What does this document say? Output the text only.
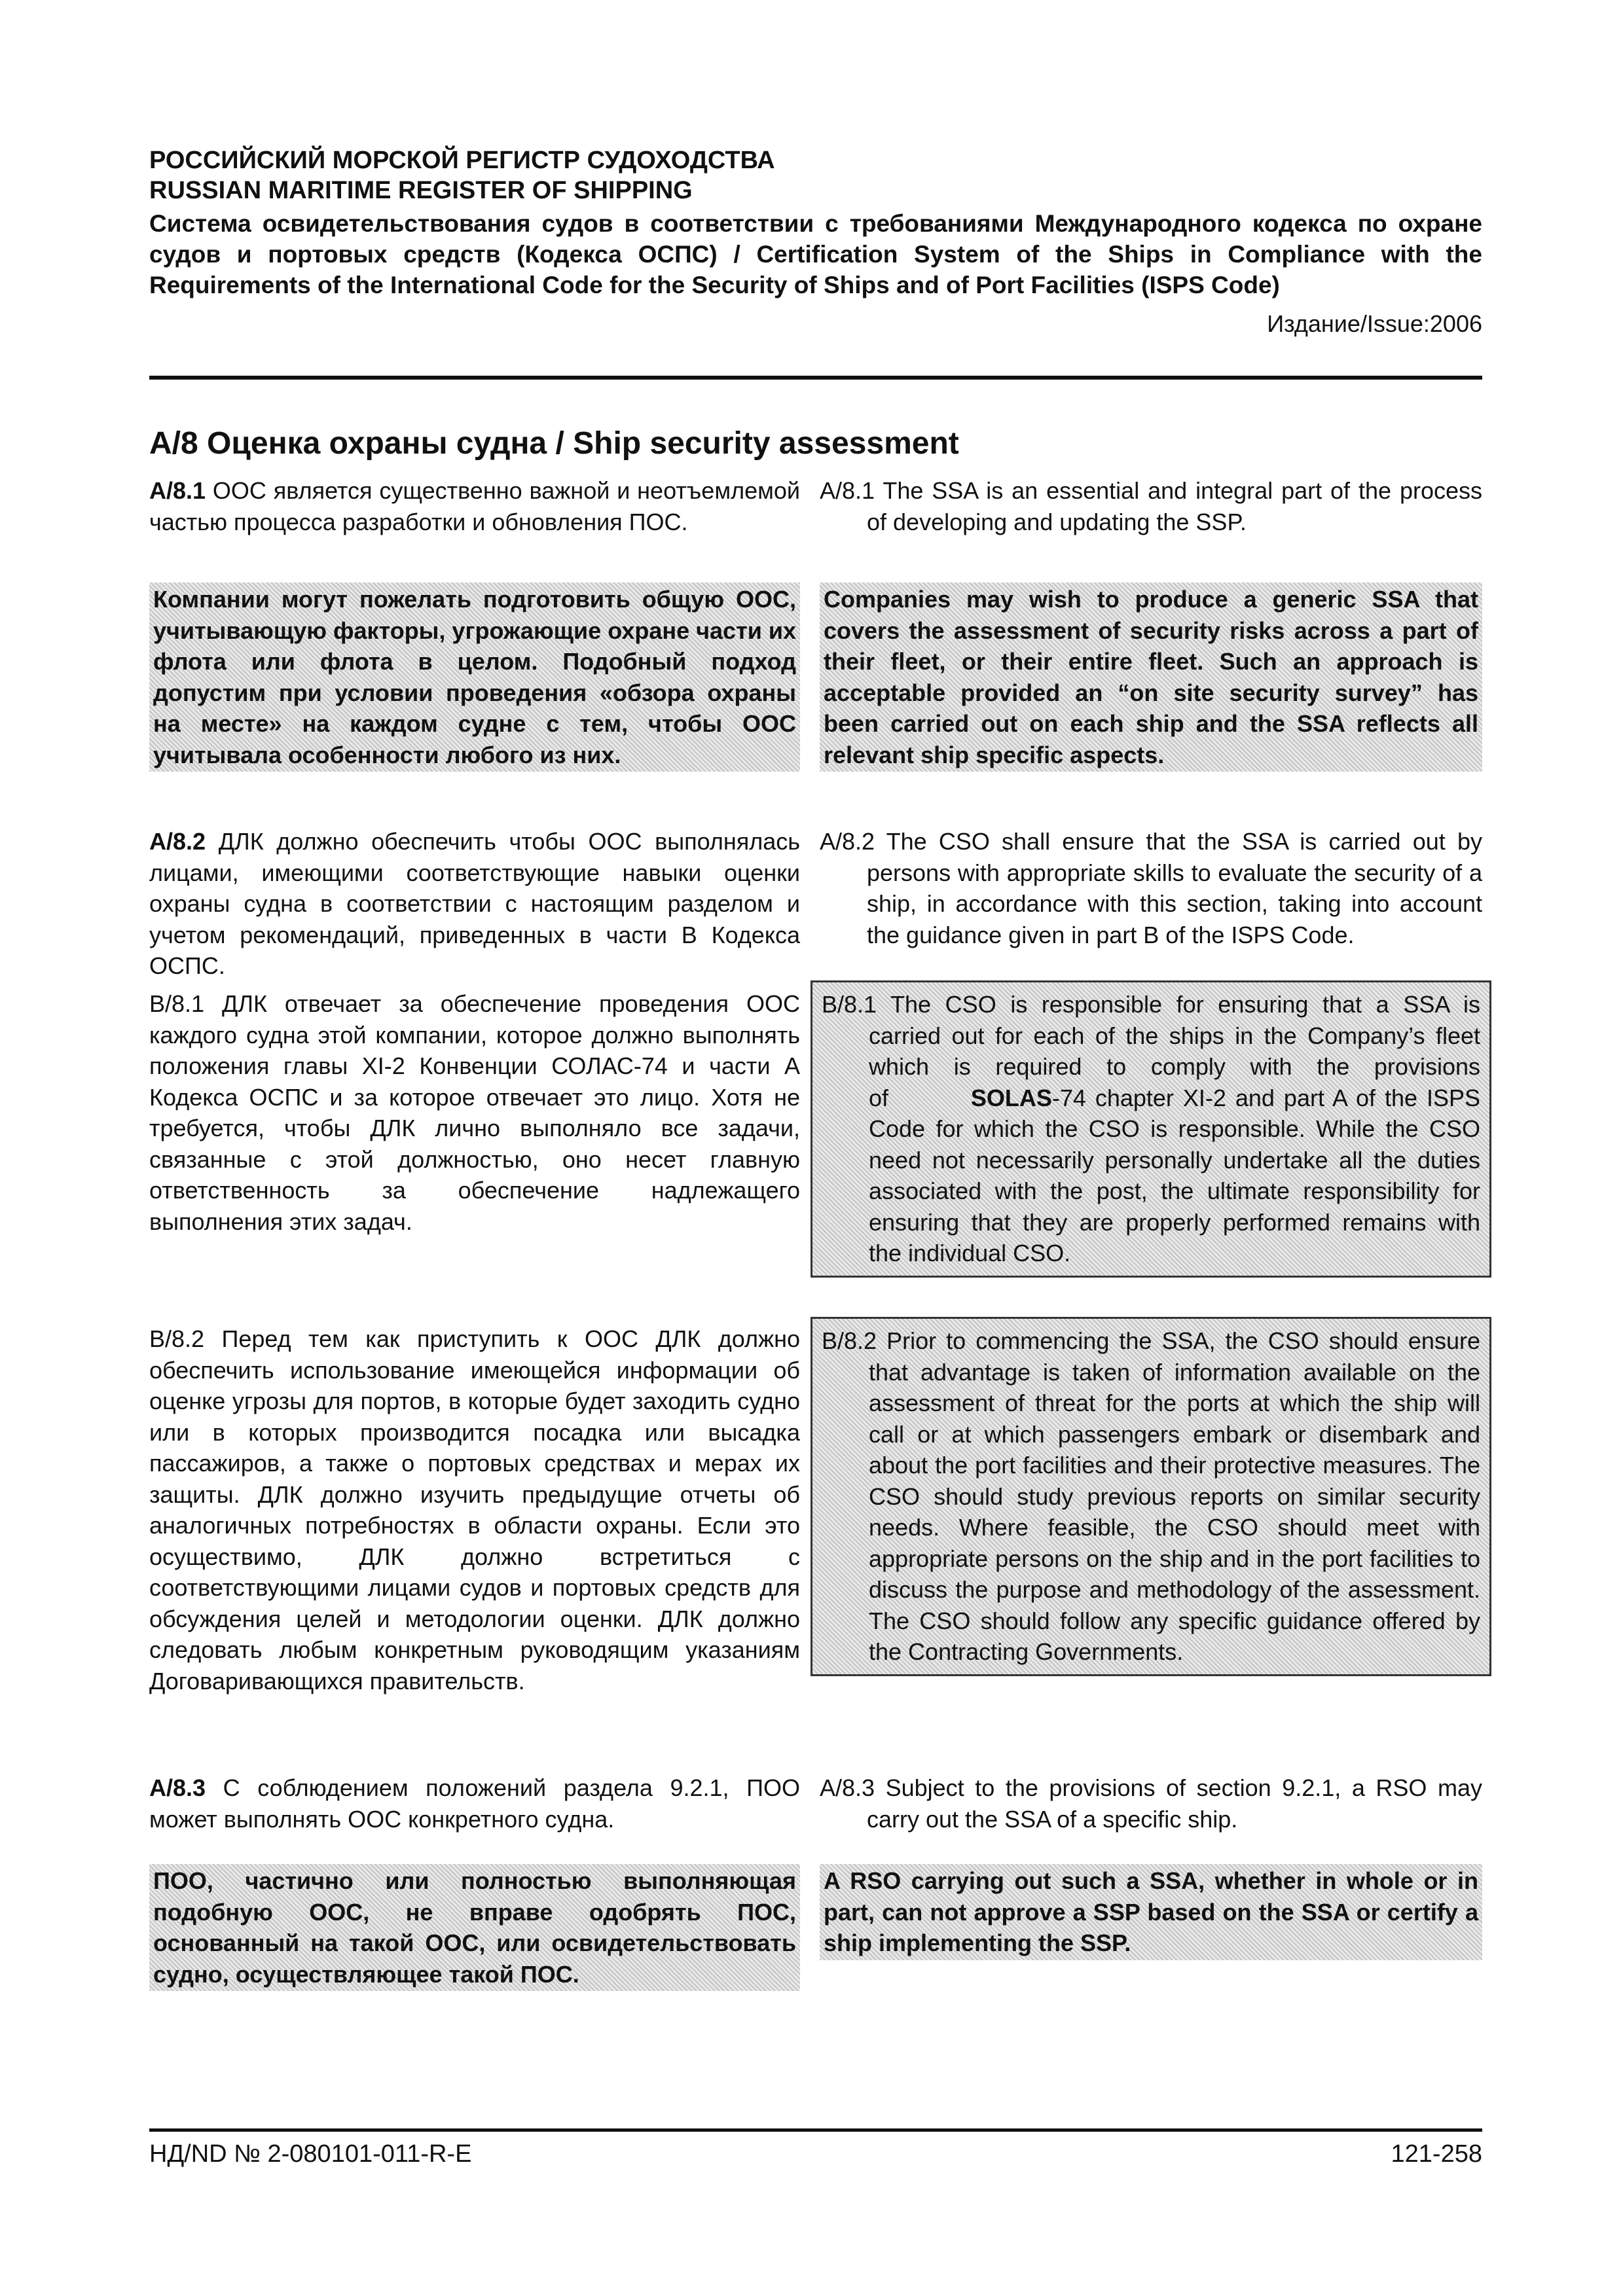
РОССИЙСКИЙ МОРСКОЙ РЕГИСТР СУДОХОДСТВА

RUSSIAN MARITIME REGISTER OF SHIPPING

Система освидетельствования судов в соответствии с требованиями Международного кодекса по охране судов и портовых средств (Кодекса ОСПС) / Certification System of the Ships in Compliance with the Requirements of the International Code for the Security of Ships and of Port Facilities (ISPS Code)

Издание/Issue:2006
А/8 Оценка охраны судна / Ship security assessment
А/8.1 ООС является существенно важной и неотъемлемой частью процесса разработки и обновления ПОС.
A/8.1 The SSA is an essential and integral part of the process of developing and updating the SSP.
Компании могут пожелать подготовить общую ООС, учитывающую факторы, угрожающие охране части их флота или флота в целом. Подобный подход допустим при условии проведения «обзора охраны на месте» на каждом судне с тем, чтобы ООС учитывала особенности любого из них.
Companies may wish to produce a generic SSA that covers the assessment of security risks across a part of their fleet, or their entire fleet. Such an approach is acceptable provided an “on site security survey” has been carried out on each ship and the SSA reflects all relevant ship specific aspects.
А/8.2 ДЛК должно обеспечить чтобы ООС выполнялась лицами, имеющими соответствующие навыки оценки охраны судна в соответствии с настоящим разделом и учетом рекомендаций, приведенных в части В Кодекса ОСПС.
A/8.2 The CSO shall ensure that the SSA is carried out by persons with appropriate skills to evaluate the security of a ship, in accordance with this section, taking into account the guidance given in part B of the ISPS Code.
В/8.1 ДЛК отвечает за обеспечение проведения ООС каждого судна этой компании, которое должно выполнять положения главы XI-2 Конвенции СОЛАС-74 и части А Кодекса ОСПС и за которое отвечает это лицо. Хотя не требуется, чтобы ДЛК лично выполняло все задачи, связанные с этой должностью, оно несет главную ответственность за обеспечение надлежащего выполнения этих задач.
B/8.1 The CSO is responsible for ensuring that a SSA is carried out for each of the ships in the Company’s fleet which is required to comply with the provisions of	SOLAS-74 chapter XI-2 and part A of the ISPS Code for which the CSO is responsible. While the CSO need not necessarily personally undertake all the duties associated with the post, the ultimate responsibility for ensuring that they are properly performed remains with the individual CSO.
В/8.2 Перед тем как приступить к ООС ДЛК должно обеспечить использование имеющейся информации об оценке угрозы для портов, в которые будет заходить судно или в которых производится посадка или высадка пассажиров, а также о портовых средствах и мерах их защиты. ДЛК должно изучить предыдущие отчеты об аналогичных потребностях в области охраны. Если это осуществимо, ДЛК должно встретиться с соответствующими лицами судов и портовых средств для обсуждения целей и методологии оценки. ДЛК должно следовать любым конкретным руководящим указаниям Договаривающихся правительств.
B/8.2 Prior to commencing the SSA, the CSO should ensure that advantage is taken of information available on the assessment of threat for the ports at which the ship will call or at which passengers embark or disembark and about the port facilities and their protective measures. The CSO should study previous reports on similar security needs. Where feasible, the CSO should meet with appropriate persons on the ship and in the port facilities to discuss the purpose and methodology of the assessment. The CSO should follow any specific guidance offered by the Contracting Governments.
А/8.3 С соблюдением положений раздела 9.2.1, ПОО может выполнять ООС конкретного судна.
A/8.3 Subject to the provisions of section 9.2.1, a RSO may carry out the SSA of a specific ship.
ПОО, частично или полностью выполняющая подобную ООС, не вправе одобрять ПОС, основанный на такой ООС, или освидетельствовать судно, осуществляющее такой ПОС.
A RSO carrying out such a SSA, whether in whole or in part, can not approve a SSP based on the SSA or certify a ship implementing the SSP.
НД/ND № 2-080101-011-R-E	121-258
